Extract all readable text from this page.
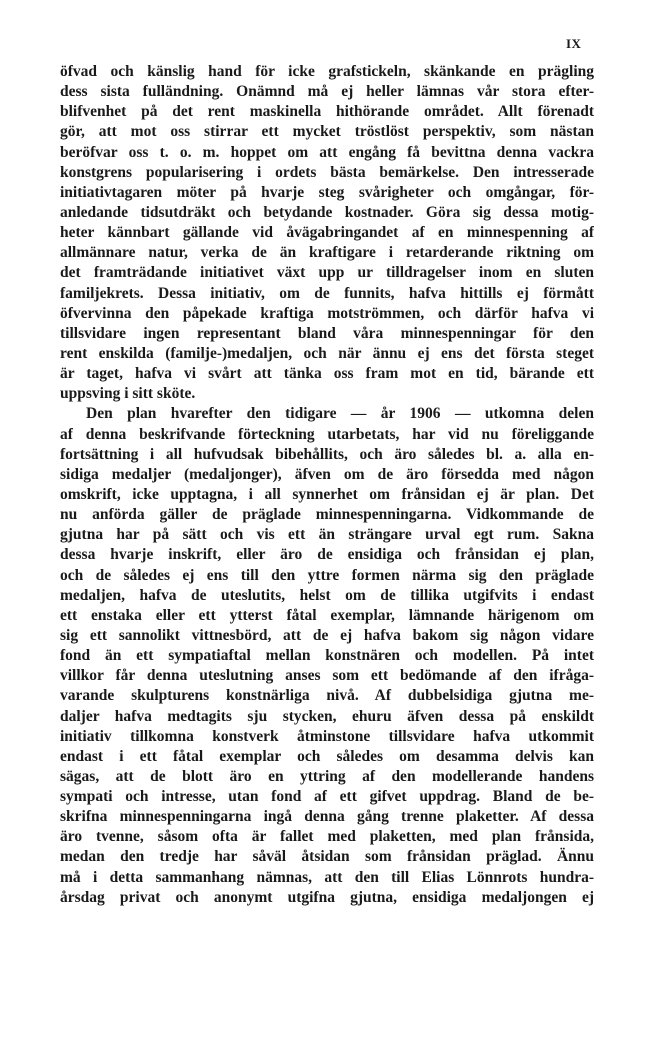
IX
öfvad och känslig hand för icke grafstickeln, skänkande en prägling
dess sista fulländning. Onämnd må ej heller lämnas vår stora efter-
blifvenhet på det rent maskinella hithörande området. Allt förenadt
gör, att mot oss stirrar ett mycket tröstlöst perspektiv, som nästan
beröfvar oss t. o. m. hoppet om att engång få bevittna denna vackra
konstgrens popularisering i ordets bästa bemärkelse. Den intresserade
initiativtagaren möter på hvarje steg svårigheter och omgångar, för-
anledande tidsutdräkt och betydande kostnader. Göra sig dessa motig-
heter kännbart gällande vid åvägabringandet af en minnespenning af
allmännare natur, verka de än kraftigare i retarderande riktning om
det framträdande initiativet växt upp ur tilldragelser inom en sluten
familjekrets. Dessa initiativ, om de funnits, hafva hittills ej förmått
öfvervinna den påpekade kraftiga motströmmen, och därför hafva vi
tillsvidare ingen representant bland våra minnespenningar för den
rent enskilda (familje-)medaljen, och när ännu ej ens det första steget
är taget, hafva vi svårt att tänka oss fram mot en tid, bärande ett
uppsving i sitt sköte.
Den plan hvarefter den tidigare — år 1906 — utkomna delen
af denna beskrifvande förteckning utarbetats, har vid nu föreliggande
fortsättning i all hufvudsak bibehållits, och äro således bl. a. alla en-
sidiga medaljer (medaljonger), äfven om de äro försedda med någon
omskrift, icke upptagna, i all synnerhet om frånsidan ej är plan. Det
nu anförda gäller de präglade minnespenningarna. Vidkommande de
gjutna har på sätt och vis ett än strängare urval egt rum. Sakna
dessa hvarje inskrift, eller äro de ensidiga och frånsidan ej plan,
och de således ej ens till den yttre formen närma sig den präglade
medaljen, hafva de uteslutits, helst om de tillika utgifvits i endast
ett enstaka eller ett ytterst fåtal exemplar, lämnande härigenom om
sig ett sannolikt vittnesbörd, att de ej hafva bakom sig någon vidare
fond än ett sympatiaftal mellan konstnären och modellen. På intet
villkor får denna uteslutning anses som ett bedömande af den ifråga-
varande skulpturens konstnärliga nivå. Af dubbelsidiga gjutna me-
daljer hafva medtagits sju stycken, ehuru äfven dessa på enskildt
initiativ tillkomna konstverk åtminstone tillsvidare hafva utkommit
endast i ett fåtal exemplar och således om desamma delvis kan
sägas, att de blott äro en yttring af den modellerande handens
sympati och intresse, utan fond af ett gifvet uppdrag. Bland de be-
skrifna minnespenningarna ingå denna gång trenne plaketter. Af dessa
äro tvenne, såsom ofta är fallet med plaketten, med plan frånsida,
medan den tredje har såväl åtsidan som frånsidan präglad. Ännu
må i detta sammanhang nämnas, att den till Elias Lönnrots hundra-
årsdag privat och anonymt utgifna gjutna, ensidiga medaljongen ej
